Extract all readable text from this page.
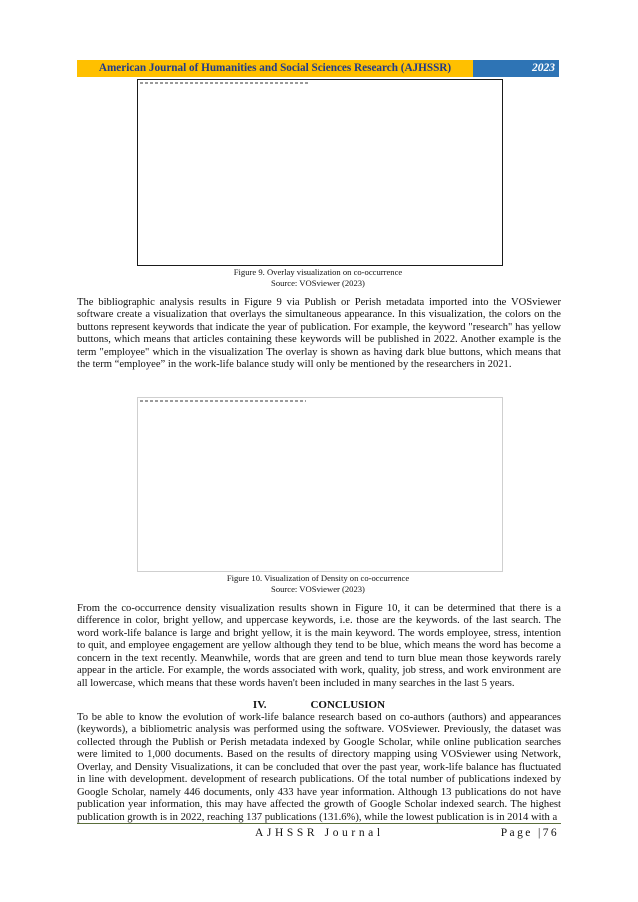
American Journal of Humanities and Social Sciences Research (AJHSSR)	2023
Figure 9. Overlay visualization on co-occurrence
Source: VOSviewer (2023)

The bibliographic analysis results in Figure 9 via Publish or Perish metadata imported into the VOSviewer software create a visualization that overlays the simultaneous appearance. In this visualization, the colors on the buttons represent keywords that indicate the year of publication. For example, the keyword "research" has yellow buttons, which means that articles containing these keywords will be published in 2022. Another example is the term "employee" which in the visualization The overlay is shown as having dark blue buttons, which means that the term “employee” in the work-life balance study will only be mentioned by the researchers in 2021.

Figure 10. Visualization of Density on co-occurrence
Source: VOSviewer (2023)

From the co-occurrence density visualization results shown in Figure 10, it can be determined that there is a difference in color, bright yellow, and uppercase keywords, i.e. those are the keywords. of the last search. The word work-life balance is large and bright yellow, it is the main keyword. The words employee, stress, intention to quit, and employee engagement are yellow although they tend to be blue, which means the word has become a concern in the text recently. Meanwhile, words that are green and tend to turn blue mean those keywords rarely appear in the article. For example, the words associated with work, quality, job stress, and work environment are all lowercase, which means that these words haven't been included in many searches in the last 5 years.

IV.	CONCLUSION

To be able to know the evolution of work-life balance research based on co-authors (authors) and appearances (keywords), a bibliometric analysis was performed using the software. VOSviewer. Previously, the dataset was collected through the Publish or Perish metadata indexed by Google Scholar, while online publication searches were limited to 1,000 documents. Based on the results of directory mapping using VOSviewer using Network, Overlay, and Density Visualizations, it can be concluded that over the past year, work-life balance has fluctuated in line with development. development of research publications. Of the total number of publications indexed by Google Scholar, namely 446 documents, only 433 have year information. Although 13 publications do not have publication year information, this may have affected the growth of Google Scholar indexed search. The highest publication growth is in 2022, reaching 137 publications (131.6%), while the lowest publication is in 2014 with a

AJHSSR Journal	Page |76
